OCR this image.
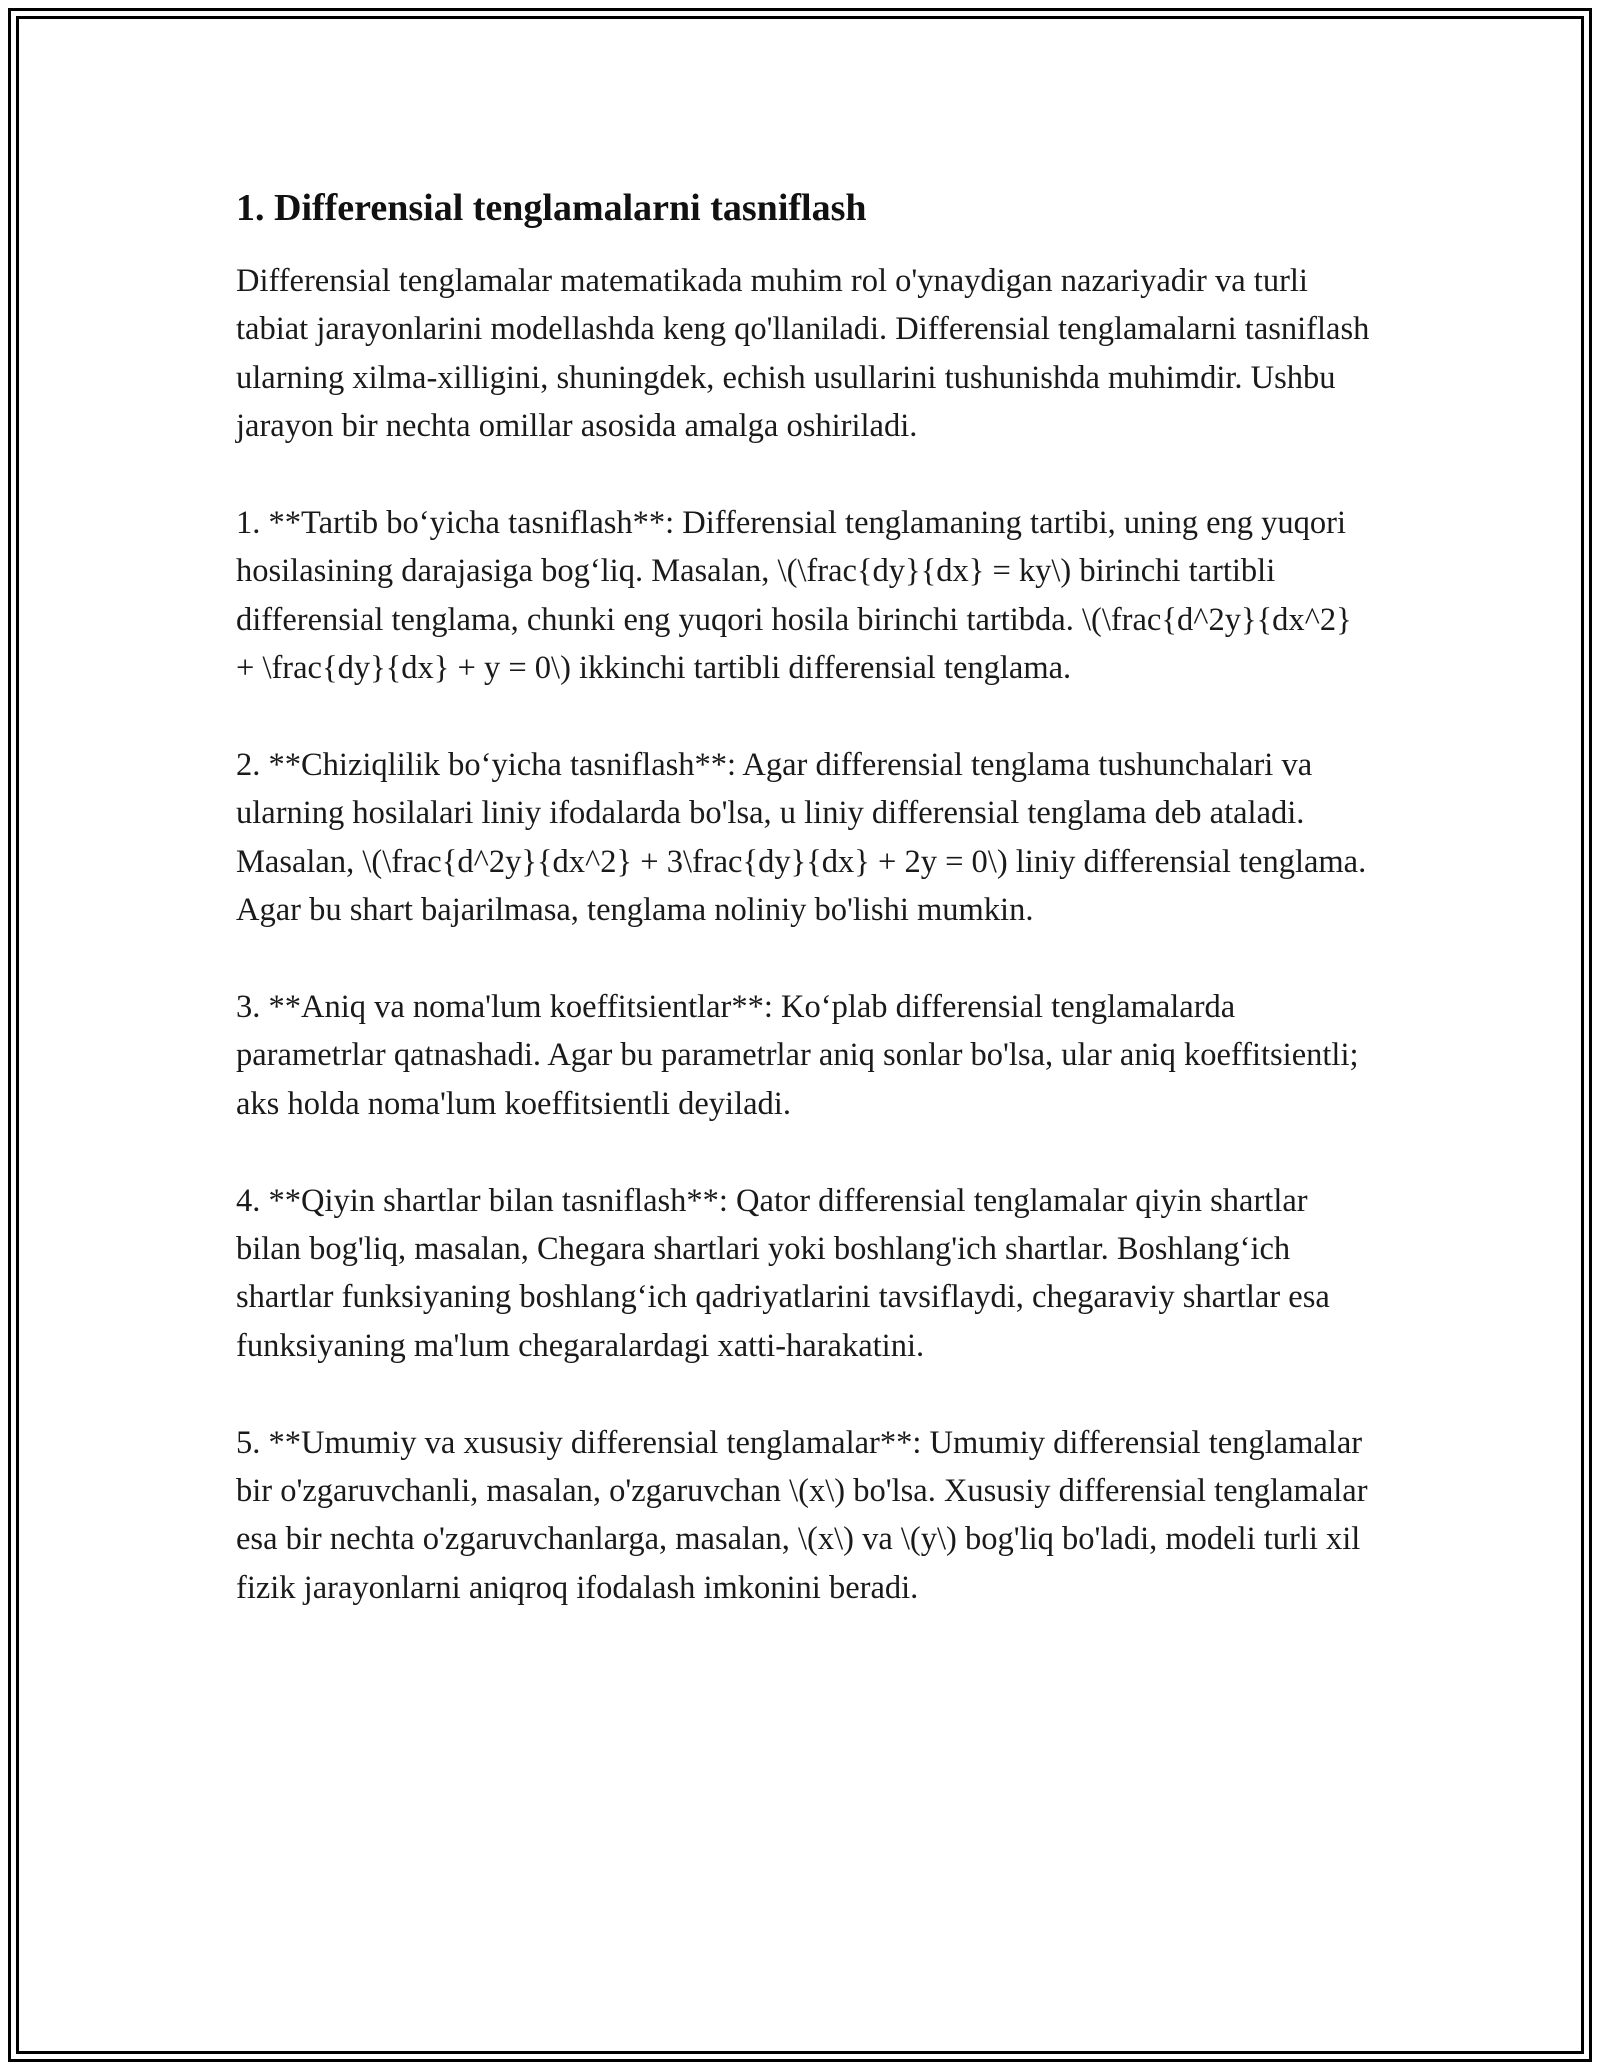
1. Differensial tenglamalarni tasniflash

Differensial tenglamalar matematikada muhim rol o'ynaydigan nazariyadir va turli tabiat jarayonlarini modellashda keng qo'llaniladi. Differensial tenglamalarni tasniflash ularning xilma-xilligini, shuningdek, echish usullarini tushunishda muhimdir. Ushbu jarayon bir nechta omillar asosida amalga oshiriladi.

1. **Tartib bo‘yicha tasniflash**: Differensial tenglamaning tartibi, uning eng yuqori hosilasining darajasiga bog‘liq. Masalan, \(\frac{dy}{dx} = ky\) birinchi tartibli differensial tenglama, chunki eng yuqori hosila birinchi tartibda. \(\frac{d^2y}{dx^2} + \frac{dy}{dx} + y = 0\) ikkinchi tartibli differensial tenglama.

2. **Chiziqlilik bo‘yicha tasniflash**: Agar differensial tenglama tushunchalari va ularning hosilalari liniy ifodalarda bo'lsa, u liniy differensial tenglama deb ataladi. Masalan, \(\frac{d^2y}{dx^2} + 3\frac{dy}{dx} + 2y = 0\) liniy differensial tenglama. Agar bu shart bajarilmasa, tenglama noliniy bo'lishi mumkin.

3. **Aniq va noma'lum koeffitsientlar**: Ko‘plab differensial tenglamalarda parametrlar qatnashadi. Agar bu parametrlar aniq sonlar bo'lsa, ular aniq koeffitsientli; aks holda noma'lum koeffitsientli deyiladi.

4. **Qiyin shartlar bilan tasniflash**: Qator differensial tenglamalar qiyin shartlar bilan bog'liq, masalan, Chegara shartlari yoki boshlang'ich shartlar. Boshlang‘ich shartlar funksiyaning boshlang‘ich qadriyatlarini tavsiflaydi, chegaraviy shartlar esa funksiyaning ma'lum chegaralardagi xatti-harakatini.

5. **Umumiy va xususiy differensial tenglamalar**: Umumiy differensial tenglamalar bir o'zgaruvchanli, masalan, o'zgaruvchan \(x\) bo'lsa. Xususiy differensial tenglamalar esa bir nechta o'zgaruvchanlarga, masalan, \(x\) va \(y\) bog'liq bo'ladi, modeli turli xil fizik jarayonlarni aniqroq ifodalash imkonini beradi.
